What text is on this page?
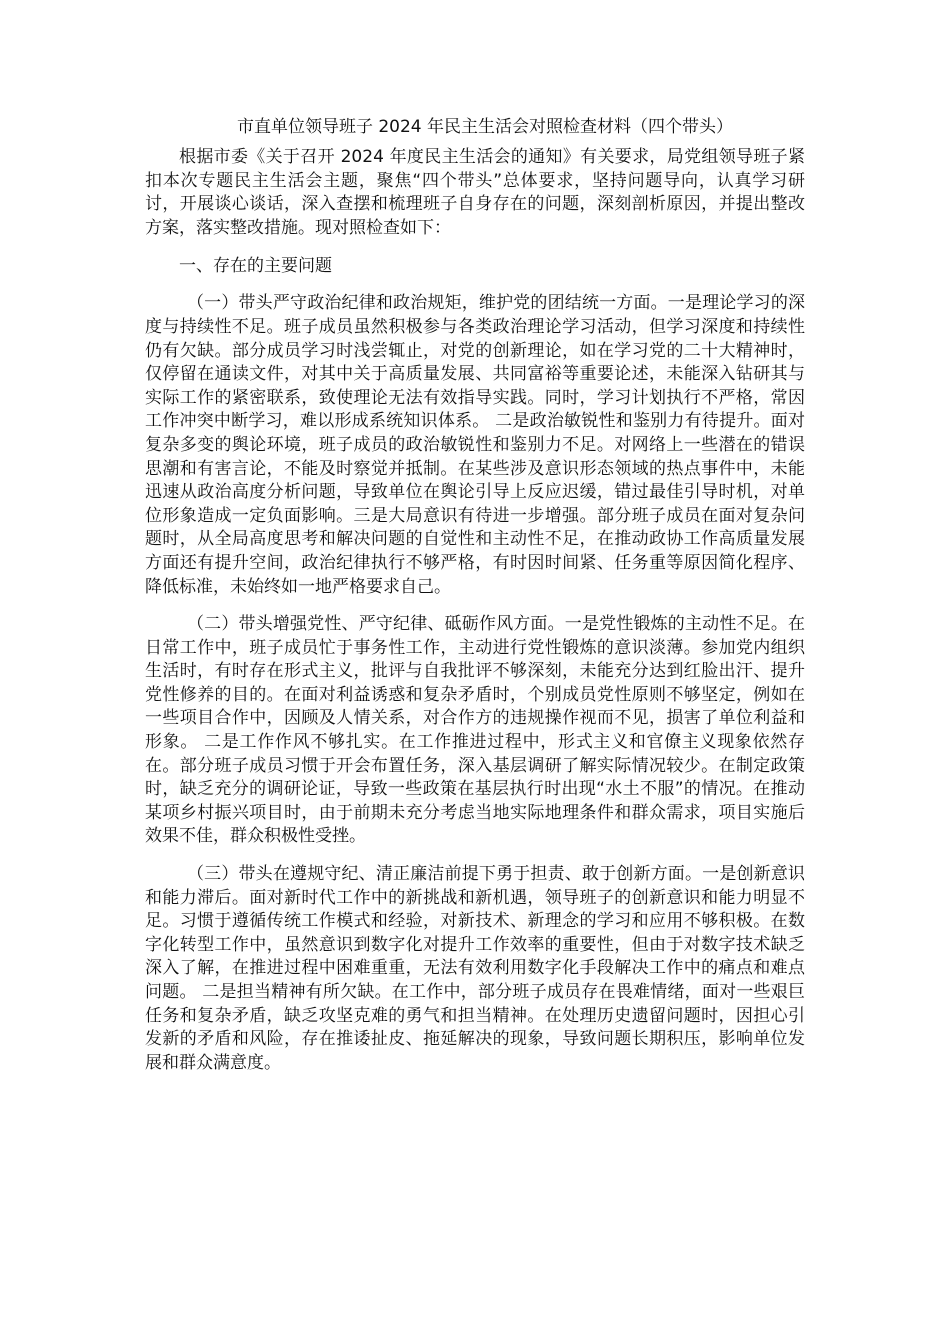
市直单位领导班子 2024 年民主生活会对照检查材料（四个带头）

根据市委《关于召开 2024 年度民主生活会的通知》有关要求，局党组领导班子紧扣本次专题民主生活会主题，聚焦“四个带头”总体要求，坚持问题导向，认真学习研讨，开展谈心谈话，深入查摆和梳理班子自身存在的问题，深刻剖析原因，并提出整改方案，落实整改措施。现对照检查如下：

一、存在的主要问题

（一）带头严守政治纪律和政治规矩，维护党的团结统一方面。一是理论学习的深度与持续性不足。班子成员虽然积极参与各类政治理论学习活动，但学习深度和持续性仍有欠缺。部分成员学习时浅尝辄止，对党的创新理论，如在学习党的二十大精神时，仅停留在通读文件，对其中关于高质量发展、共同富裕等重要论述，未能深入钻研其与实际工作的紧密联系，致使理论无法有效指导实践。同时，学习计划执行不严格，常因工作冲突中断学习，难以形成系统知识体系。 二是政治敏锐性和鉴别力有待提升。面对复杂多变的舆论环境，班子成员的政治敏锐性和鉴别力不足。对网络上一些潜在的错误思潮和有害言论，不能及时察觉并抵制。在某些涉及意识形态领域的热点事件中，未能迅速从政治高度分析问题，导致单位在舆论引导上反应迟缓，错过最佳引导时机，对单位形象造成一定负面影响。三是大局意识有待进一步增强。部分班子成员在面对复杂问题时，从全局高度思考和解决问题的自觉性和主动性不足，在推动政协工作高质量发展方面还有提升空间，政治纪律执行不够严格，有时因时间紧、任务重等原因简化程序、降低标准，未始终如一地严格要求自己。

（二）带头增强党性、严守纪律、砥砺作风方面。一是党性锻炼的主动性不足。在日常工作中，班子成员忙于事务性工作，主动进行党性锻炼的意识淡薄。参加党内组织生活时，有时存在形式主义，批评与自我批评不够深刻，未能充分达到红脸出汗、提升党性修养的目的。在面对利益诱惑和复杂矛盾时，个别成员党性原则不够坚定，例如在一些项目合作中，因顾及人情关系，对合作方的违规操作视而不见，损害了单位利益和形象。 二是工作作风不够扎实。在工作推进过程中，形式主义和官僚主义现象依然存在。部分班子成员习惯于开会布置任务，深入基层调研了解实际情况较少。在制定政策时，缺乏充分的调研论证，导致一些政策在基层执行时出现“水土不服”的情况。在推动某项乡村振兴项目时，由于前期未充分考虑当地实际地理条件和群众需求，项目实施后效果不佳，群众积极性受挫。

（三）带头在遵规守纪、清正廉洁前提下勇于担责、敢于创新方面。一是创新意识和能力滞后。面对新时代工作中的新挑战和新机遇，领导班子的创新意识和能力明显不足。习惯于遵循传统工作模式和经验，对新技术、新理念的学习和应用不够积极。在数字化转型工作中，虽然意识到数字化对提升工作效率的重要性，但由于对数字技术缺乏深入了解，在推进过程中困难重重，无法有效利用数字化手段解决工作中的痛点和难点问题。 二是担当精神有所欠缺。在工作中，部分班子成员存在畏难情绪，面对一些艰巨任务和复杂矛盾，缺乏攻坚克难的勇气和担当精神。在处理历史遗留问题时，因担心引发新的矛盾和风险，存在推诿扯皮、拖延解决的现象，导致问题长期积压，影响单位发展和群众满意度。
